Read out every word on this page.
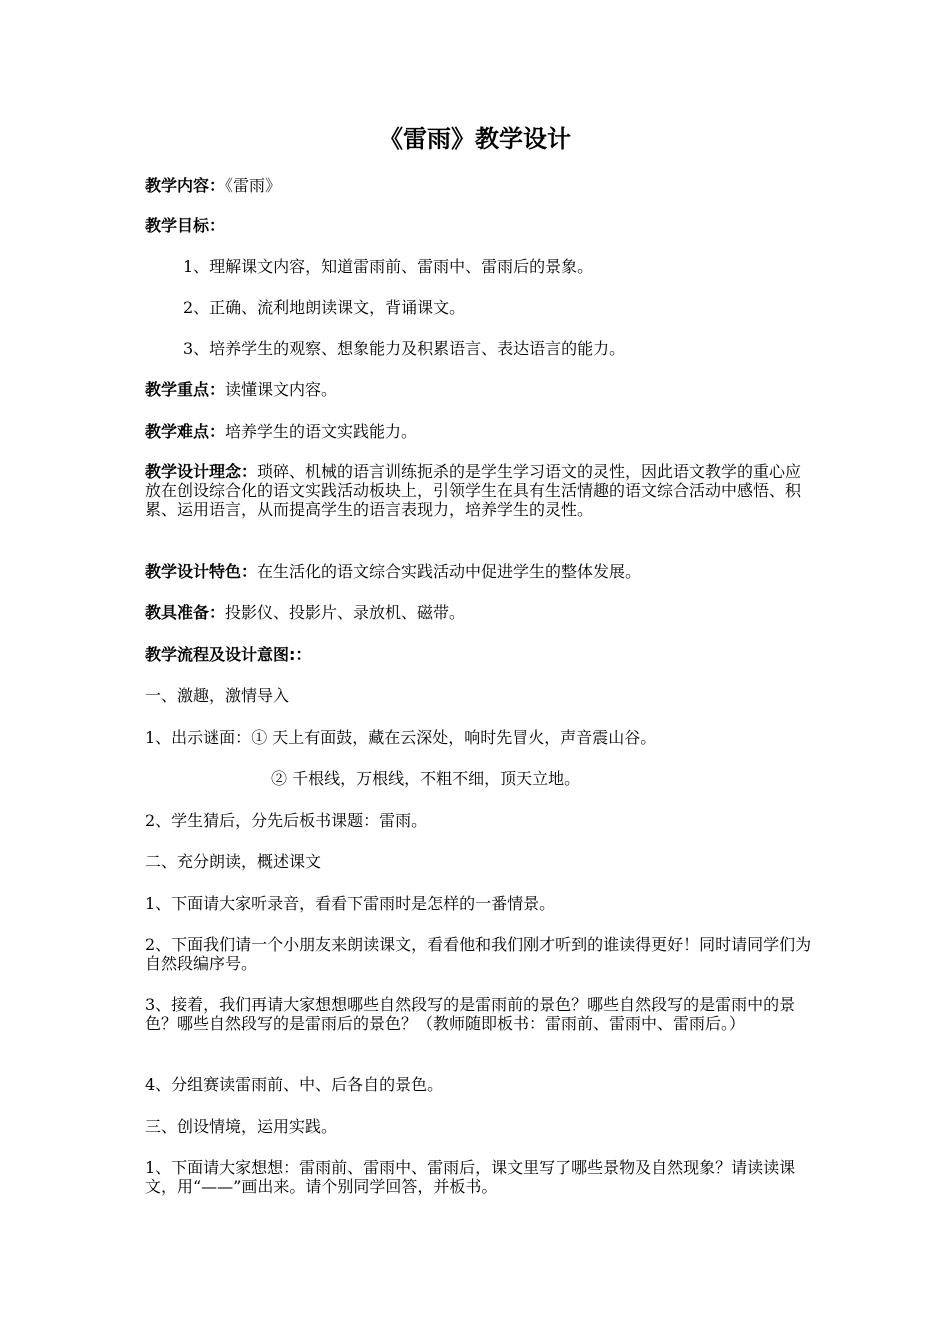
《雷雨》教学设计
教学内容：《雷雨》
教学目标：
1、理解课文内容，知道雷雨前、雷雨中、雷雨后的景象。
2、正确、流利地朗读课文，背诵课文。
3、培养学生的观察、想象能力及积累语言、表达语言的能力。
教学重点：读懂课文内容。
教学难点：培养学生的语文实践能力。
教学设计理念：琐碎、机械的语言训练扼杀的是学生学习语文的灵性，因此语文教学的重心应放在创设综合化的语文实践活动板块上，引领学生在具有生活情趣的语文综合活动中感悟、积累、运用语言，从而提高学生的语言表现力，培养学生的灵性。
教学设计特色：在生活化的语文综合实践活动中促进学生的整体发展。
教具准备：投影仪、投影片、录放机、磁带。
教学流程及设计意图:：
一、激趣，激情导入
1、出示谜面：① 天上有面鼓，藏在云深处，响时先冒火，声音震山谷。
② 千根线，万根线，不粗不细，顶天立地。
2、学生猜后，分先后板书课题：雷雨。
二、充分朗读，概述课文
1、下面请大家听录音，看看下雷雨时是怎样的一番情景。
2、下面我们请一个小朋友来朗读课文，看看他和我们刚才听到的谁读得更好！同时请同学们为自然段编序号。
3、接着，我们再请大家想想哪些自然段写的是雷雨前的景色？哪些自然段写的是雷雨中的景色？哪些自然段写的是雷雨后的景色？（教师随即板书：雷雨前、雷雨中、雷雨后。）
4、分组赛读雷雨前、中、后各自的景色。
三、创设情境，运用实践。
1、下面请大家想想：雷雨前、雷雨中、雷雨后，课文里写了哪些景物及自然现象？请读读课文，用“——”画出来。请个别同学回答，并板书。
